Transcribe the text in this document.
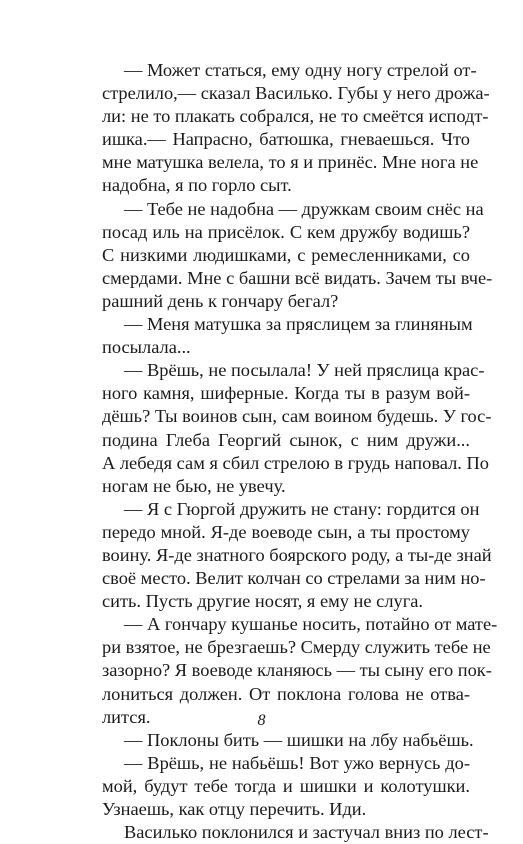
— Может статься, ему одну ногу стрелой от-
стрелило,— сказал Василько. Губы у него дрожа-
ли: не то плакать собрался, не то смеётся исподт-
ишка.— Напрасно, батюшка, гневаешься. Что
мне матушка велела, то я и принёс. Мне нога не
надобна, я по горло сыт.
— Тебе не надобна — дружкам своим снёс на
посад иль на присёлок. С кем дружбу водишь?
С низкими людишками, с ремесленниками, со
смердами. Мне с башни всё видать. Зачем ты вче-
рашний день к гончару бегал?
— Меня матушка за пряслицем за глиняным
посылала...
— Врёшь, не посылала! У ней пряслица крас-
ного камня, шиферные. Когда ты в разум вой-
дёшь? Ты воинов сын, сам воином будешь. У гос-
подина Глеба Георгий сынок, с ним дружи...
А лебедя сам я сбил стрелою в грудь наповал. По
ногам не бью, не увечу.
— Я с Гюргой дружить не стану: гордится он
передо мной. Я-де воеводе сын, а ты простому
воину. Я-де знатного боярского роду, а ты-де знай
своё место. Велит колчан со стрелами за ним но-
сить. Пусть другие носят, я ему не слуга.
— А гончару кушанье носить, потайно от мате-
ри взятое, не брезгаешь? Смерду служить тебе не
зазорно? Я воеводе кланяюсь — ты сыну его пок-
лониться должен. От поклона голова не отва-
лится.
— Поклоны бить — шишки на лбу набьёшь.
— Врёшь, не набьёшь! Вот ужо вернусь до-
мой, будут тебе тогда и шишки и колотушки.
Узнаешь, как отцу перечить. Иди.
Василько поклонился и застучал вниз по лест-
8
